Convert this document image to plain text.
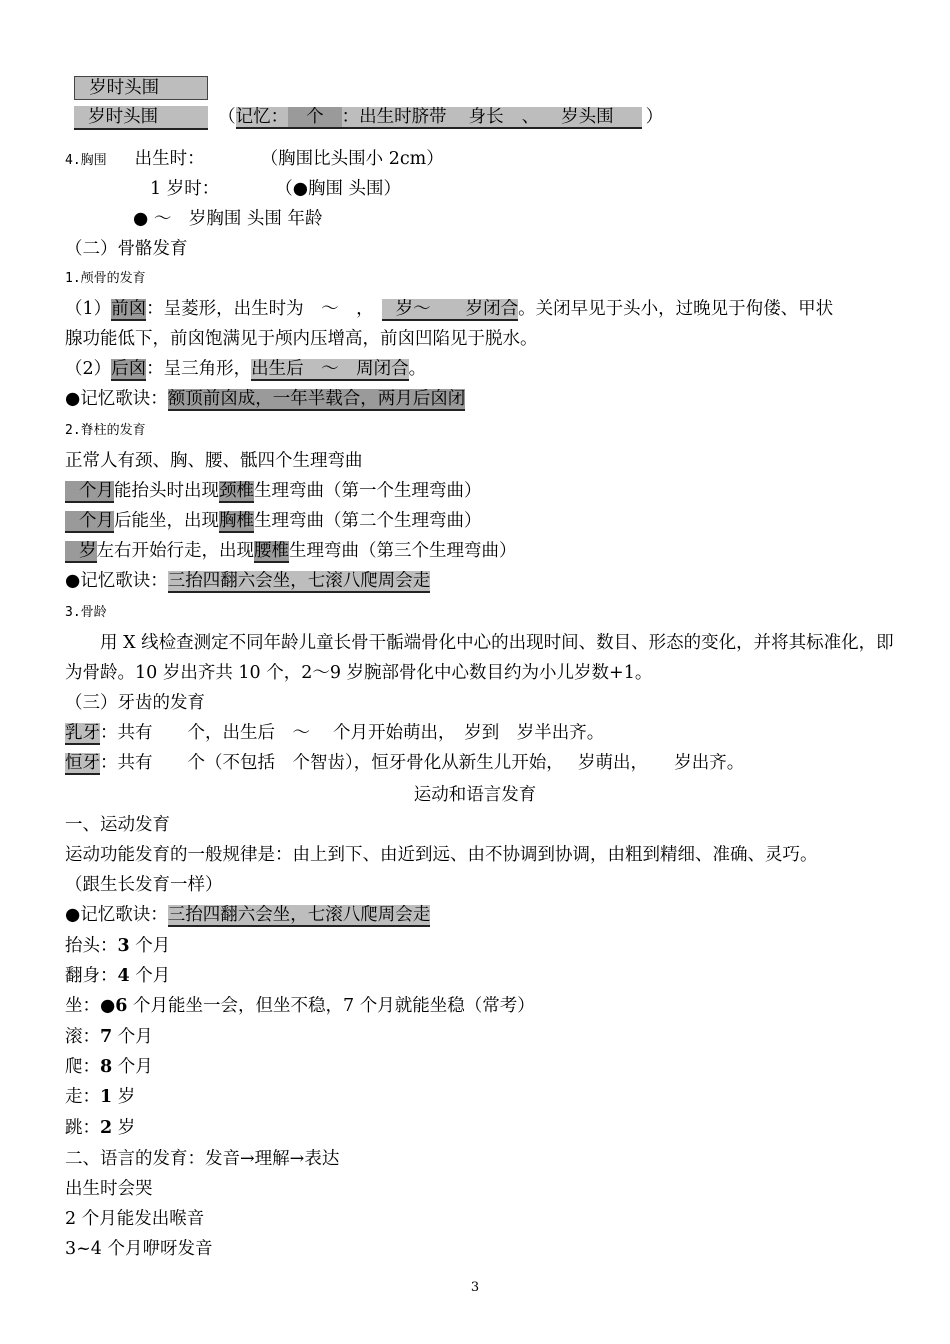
岁时头围

岁时头围	（记忆： 个 ：出生时脐带 身长 、 岁头围 ）

4.胸围 出生时：	（胸围比头围小 2cm）
1 岁时：	（●胸围 头围）
● ～　岁胸围 头围 年龄
（二）骨骼发育
1.颅骨的发育
（1）前囟：呈菱形，出生时为　～　， 岁～　　岁闭合。关闭早见于头小，过晚见于佝偻、甲状
腺功能低下，前囟饱满见于颅内压增高，前囟凹陷见于脱水。
（2）后囟：呈三角形，出生后　～　周闭合。
●记忆歌诀：额顶前囟成，一年半载合，两月后囟闭
2.脊柱的发育
正常人有颈、胸、腰、骶四个生理弯曲
个月能抬头时出现颈椎生理弯曲（第一个生理弯曲）
个月后能坐，出现胸椎生理弯曲（第二个生理弯曲）
岁左右开始行走，出现腰椎生理弯曲（第三个生理弯曲）
●记忆歌诀：三抬四翻六会坐，七滚八爬周会走
3.骨龄
用 X 线检查测定不同年龄儿童长骨干骺端骨化中心的出现时间、数目、形态的变化，并将其标准化，即为骨龄。10 岁出齐共 10 个，2～9 岁腕部骨化中心数目约为小儿岁数+1。
（三）牙齿的发育
乳牙：共有　　个，出生后　～　 个月开始萌出，　岁到　岁半出齐。
恒牙：共有　　个（不包括　个智齿），恒牙骨化从新生儿开始，　 岁萌出，　　岁出齐。
运动和语言发育
一、运动发育
运动功能发育的一般规律是：由上到下、由近到远、由不协调到协调，由粗到精细、准确、灵巧。
（跟生长发育一样）
●记忆歌诀：三抬四翻六会坐，七滚八爬周会走
抬头：3 个月
翻身：4 个月
坐：●6 个月能坐一会，但坐不稳，7 个月就能坐稳（常考）
滚：7 个月
爬：8 个月
走：1 岁
跳：2 岁
二、语言的发育：发音→理解→表达
出生时会哭
2 个月能发出喉音
3~4 个月咿呀发音
3
